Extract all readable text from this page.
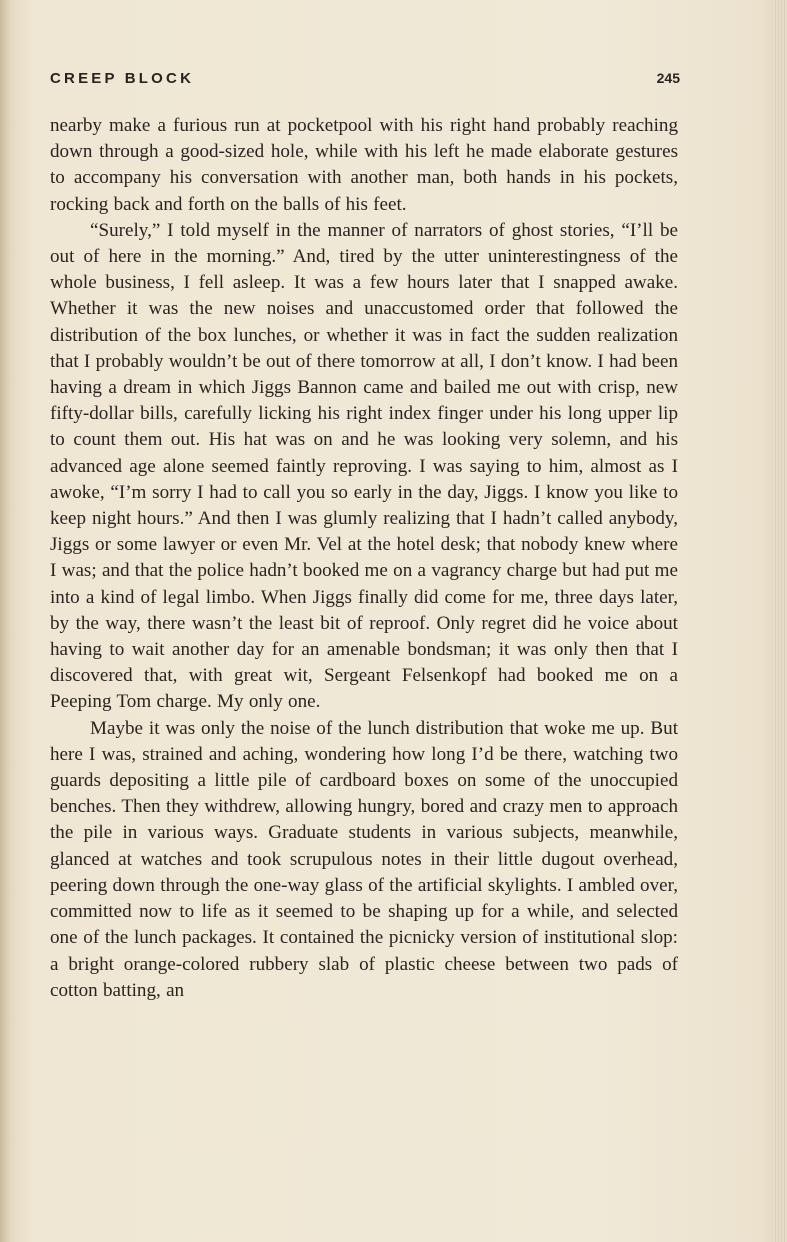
CREEP BLOCK	245

nearby make a furious run at pocketpool with his right hand probably reaching down through a good-sized hole, while with his left he made elaborate gestures to accompany his conversation with another man, both hands in his pockets, rocking back and forth on the balls of his feet.

“Surely,” I told myself in the manner of narrators of ghost stories, “I’ll be out of here in the morning.” And, tired by the utter uninterestingness of the whole business, I fell asleep. It was a few hours later that I snapped awake. Whether it was the new noises and unaccustomed order that followed the distribution of the box lunches, or whether it was in fact the sudden realization that I probably wouldn’t be out of there tomorrow at all, I don’t know. I had been having a dream in which Jiggs Bannon came and bailed me out with crisp, new fifty-dollar bills, carefully licking his right index finger under his long upper lip to count them out. His hat was on and he was looking very solemn, and his advanced age alone seemed faintly reproving. I was saying to him, almost as I awoke, “I’m sorry I had to call you so early in the day, Jiggs. I know you like to keep night hours.” And then I was glumly realizing that I hadn’t called anybody, Jiggs or some lawyer or even Mr. Vel at the hotel desk; that nobody knew where I was; and that the police hadn’t booked me on a vagrancy charge but had put me into a kind of legal limbo. When Jiggs finally did come for me, three days later, by the way, there wasn’t the least bit of reproof. Only regret did he voice about having to wait another day for an amenable bondsman; it was only then that I discovered that, with great wit, Sergeant Felsenkopf had booked me on a Peeping Tom charge. My only one.

Maybe it was only the noise of the lunch distribution that woke me up. But here I was, strained and aching, wondering how long I’d be there, watching two guards depositing a little pile of cardboard boxes on some of the unoccupied benches. Then they withdrew, allowing hungry, bored and crazy men to approach the pile in various ways. Graduate students in various subjects, meanwhile, glanced at watches and took scrupulous notes in their little dugout overhead, peering down through the one-way glass of the artificial skylights. I ambled over, committed now to life as it seemed to be shaping up for a while, and selected one of the lunch packages. It contained the picnicky version of institutional slop: a bright orange-colored rubbery slab of plastic cheese between two pads of cotton batting, an
